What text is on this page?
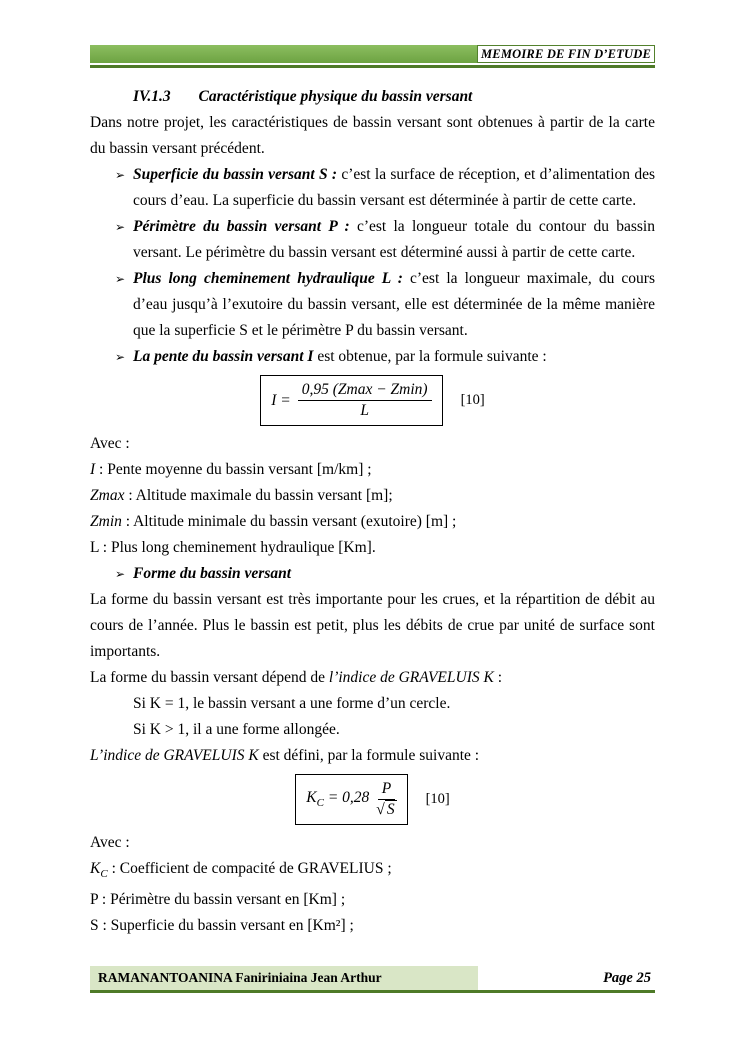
MEMOIRE DE FIN D’ETUDE
IV.1.3 Caractéristique physique du bassin versant

Dans notre projet, les caractéristiques de bassin versant sont obtenues à partir de la carte du bassin versant précédent.

➢ Superficie du bassin versant S : c’est la surface de réception, et d’alimentation des cours d’eau. La superficie du bassin versant est déterminée à partir de cette carte.
➢ Périmètre du bassin versant P : c’est la longueur totale du contour du bassin versant. Le périmètre du bassin versant est déterminé aussi à partir de cette carte.
➢ Plus long cheminement hydraulique L : c’est la longueur maximale, du cours d’eau jusqu’à l’exutoire du bassin versant, elle est déterminée de la même manière que la superficie S et le périmètre P du bassin versant.
➢ La pente du bassin versant I est obtenue, par la formule suivante :
$I = \frac{0,95 (Zmax - Zmin)}{L} [10]$

Avec :

I : Pente moyenne du bassin versant [m/km] ;

Zmax : Altitude maximale du bassin versant [m];

Zmin : Altitude minimale du bassin versant (exutoire) [m] ;

L : Plus long cheminement hydraulique [Km].

➢ Forme du bassin versant

La forme du bassin versant est très importante pour les crues, et la répartition de débit au cours de l’année. Plus le bassin est petit, plus les débits de crue par unité de surface sont importants.

La forme du bassin versant dépend de l’indice de GRAVELUIS K :

Si K = 1, le bassin versant a une forme d’un cercle.

Si K > 1, il a une forme allongée.

L’indice de GRAVELUIS K est défini, par la formule suivante :

$K_C = 0,28 \frac{P}{√ S} [10]$

Avec :

$K_C$ : Coefficient de compacité de GRAVELIUS ;

P : Périmètre du bassin versant en [Km] ;

S : Superficie du bassin versant en [Km²] ;

RAMANANTOANINA Faniriniaina Jean Arthur	Page 25
